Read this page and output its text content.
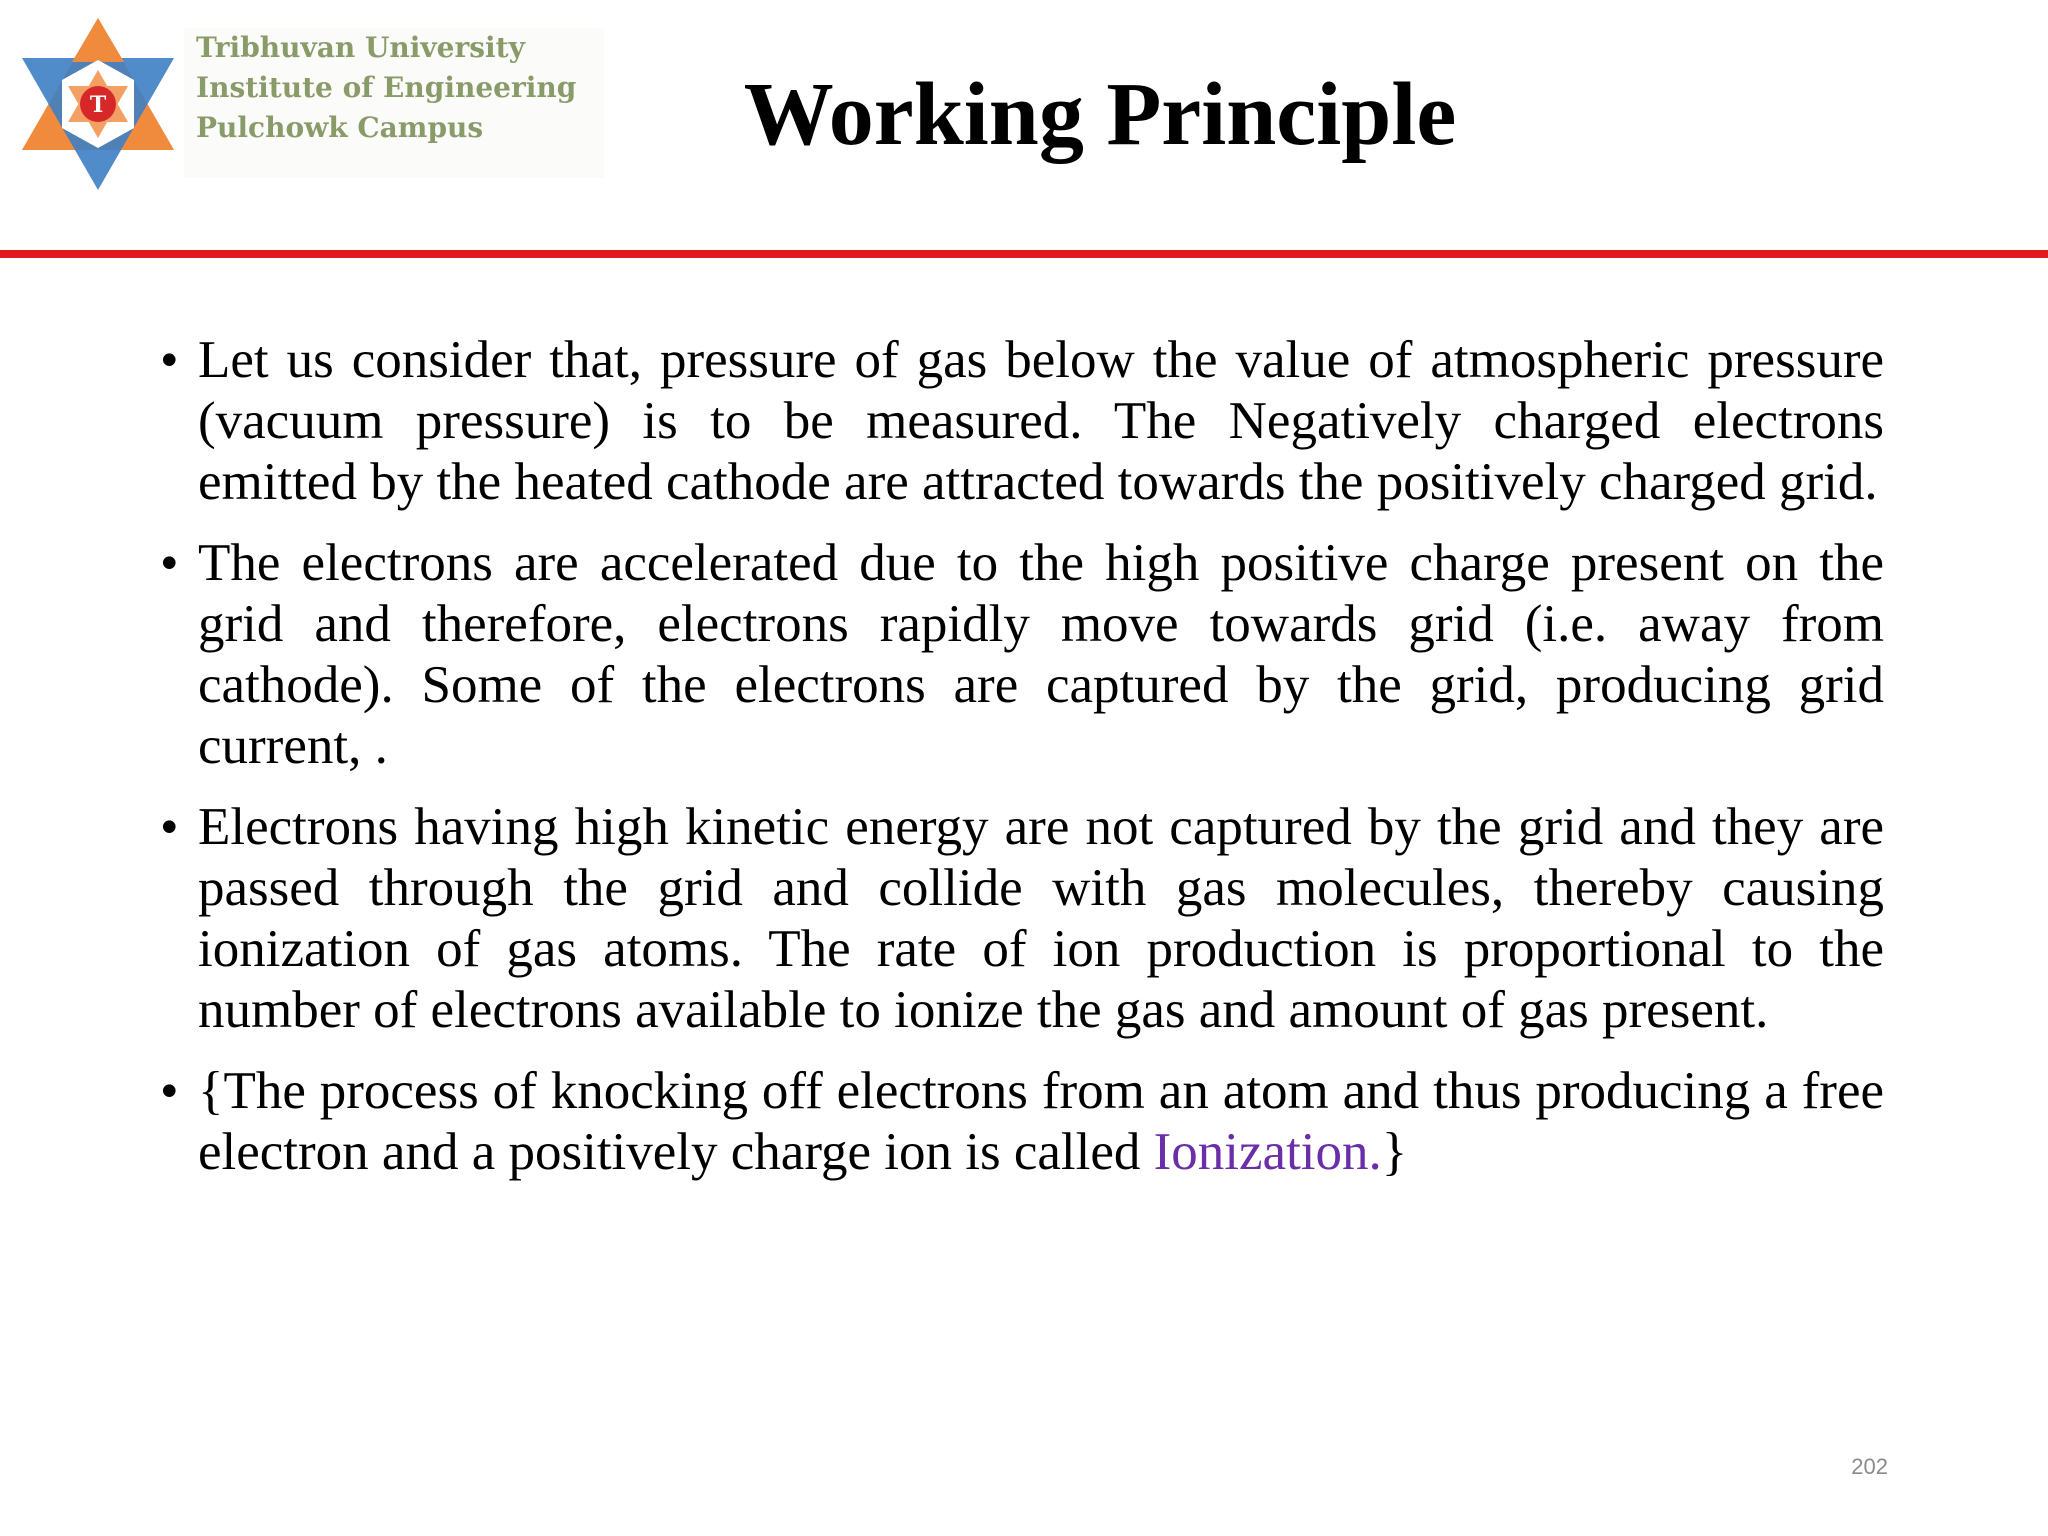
T
Tribhuvan University
Institute of Engineering
Pulchowk Campus	Working Principle
• Let us consider that, pressure of gas below the value of atmospheric pressure (vacuum pressure) is to be measured. The Negatively charged electrons emitted by the heated cathode are attracted towards the positively charged grid.
• The electrons are accelerated due to the high positive charge present on the grid and therefore, electrons rapidly move towards grid (i.e. away from cathode). Some of the electrons are captured by the grid, producing grid current, .
• Electrons having high kinetic energy are not captured by the grid and they are passed through the grid and collide with gas molecules, thereby causing ionization of gas atoms. The rate of ion production is proportional to the number of electrons available to ionize the gas and amount of gas present.
• {The process of knocking off electrons from an atom and thus producing a free electron and a positively charge ion is called Ionization.}
202
